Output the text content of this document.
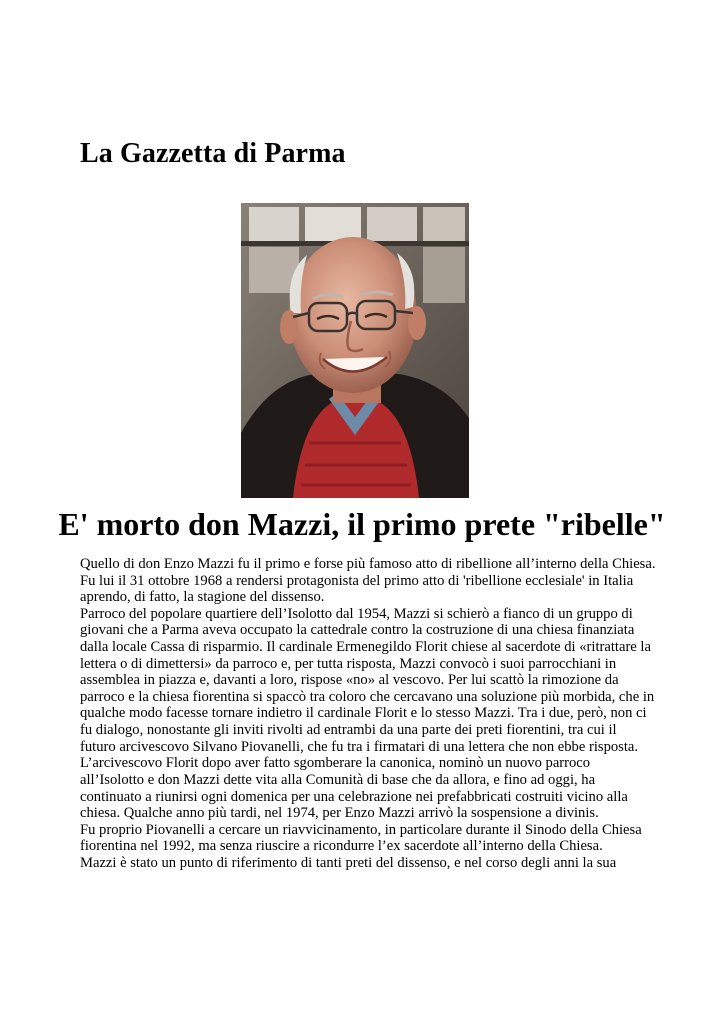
La Gazzetta di Parma
E' morto don Mazzi, il primo prete "ribelle"
Quello di don Enzo Mazzi fu il primo e forse più famoso atto di ribellione all’interno della Chiesa.
Fu lui il 31 ottobre 1968 a rendersi protagonista del primo atto di 'ribellione ecclesiale' in Italia
aprendo, di fatto, la stagione del dissenso.
Parroco del popolare quartiere dell’Isolotto dal 1954, Mazzi si schierò a fianco di un gruppo di
giovani che a Parma aveva occupato la cattedrale contro la costruzione di una chiesa finanziata
dalla locale Cassa di risparmio. Il cardinale Ermenegildo Florit chiese al sacerdote di «ritrattare la
lettera o di dimettersi» da parroco e, per tutta risposta, Mazzi convocò i suoi parrocchiani in
assemblea in piazza e, davanti a loro, rispose «no» al vescovo. Per lui scattò la rimozione da
parroco e la chiesa fiorentina si spaccò tra coloro che cercavano una soluzione più morbida, che in
qualche modo facesse tornare indietro il cardinale Florit e lo stesso Mazzi. Tra i due, però, non ci
fu dialogo, nonostante gli inviti rivolti ad entrambi da una parte dei preti fiorentini, tra cui il
futuro arcivescovo Silvano Piovanelli, che fu tra i firmatari di una lettera che non ebbe risposta.
L’arcivescovo Florit dopo aver fatto sgomberare la canonica, nominò un nuovo parroco
all’Isolotto e don Mazzi dette vita alla Comunità di base che da allora, e fino ad oggi, ha
continuato a riunirsi ogni domenica per una celebrazione nei prefabbricati costruiti vicino alla
chiesa. Qualche anno più tardi, nel 1974, per Enzo Mazzi arrivò la sospensione a divinis.
Fu proprio Piovanelli a cercare un riavvicinamento, in particolare durante il Sinodo della Chiesa
fiorentina nel 1992, ma senza riuscire a ricondurre l’ex sacerdote all’interno della Chiesa.
Mazzi è stato un punto di riferimento di tanti preti del dissenso, e nel corso degli anni la sua
